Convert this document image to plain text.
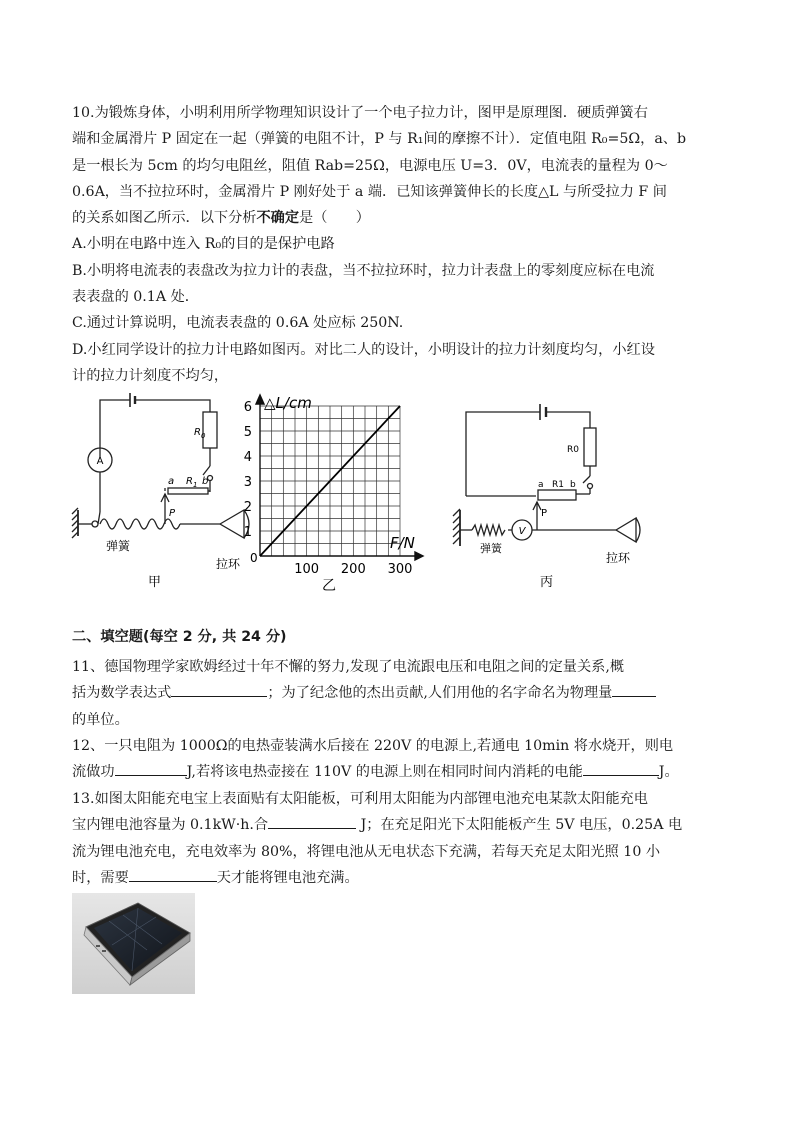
10.为锻炼身体，小明利用所学物理知识设计了一个电子拉力计，图甲是原理图．硬质弹簧右
端和金属滑片 P 固定在一起（弹簧的电阻不计，P 与 R₁间的摩擦不计）．定值电阻 R₀=5Ω，a、b
是一根长为 5cm 的均匀电阻丝，阻值 Rab=25Ω，电源电压 U=3．0V，电流表的量程为 0～
0.6A，当不拉拉环时，金属滑片 P 刚好处于 a 端．已知该弹簧伸长的长度△L 与所受拉力 F 间
的关系如图乙所示．以下分析不确定是（　　）
A.小明在电路中连入 R₀的目的是保护电路
B.小明将电流表的表盘改为拉力计的表盘，当不拉拉环时，拉力计表盘上的零刻度应标在电流
表表盘的 0.1A 处．
C.通过计算说明，电流表表盘的 0.6A 处应标 250N.
D.小红同学设计的拉力计电路如图丙。对比二人的设计，小明设计的拉力计刻度均匀，小红设
计的拉力计刻度不均匀，
A
$R_0$
$R_1$
a	b
P
弹簧
拉环
甲
1
2
3
4
5
6
100 200 300
△L/cm
F/N
0
乙
V
R0
R1
a	b
P
弹簧
拉环
丙
二、填空题(每空 2 分, 共 24 分)
11、德国物理学家欧姆经过十年不懈的努力,发现了电流跟电压和电阻之间的定量关系,概
括为数学表达式	；为了纪念他的杰出贡献,人们用他的名字命名为物理量
的单位。
12、一只电阻为 1000Ω的电热壶装满水后接在 220V 的电源上,若通电 10min 将水烧开，则电
流做功	J,若将该电热壶接在 110V 的电源上则在相同时间内消耗的电能	J。
13.如图太阳能充电宝上表面贴有太阳能板，可利用太阳能为内部锂电池充电某款太阳能充电
宝内锂电池容量为 0.1kW·h.合	J；在充足阳光下太阳能板产生 5V 电压，0.25A 电
流为锂电池充电，充电效率为 80%，将锂电池从无电状态下充满，若每天充足太阳光照 10 小
时，需要	天才能将锂电池充满。
